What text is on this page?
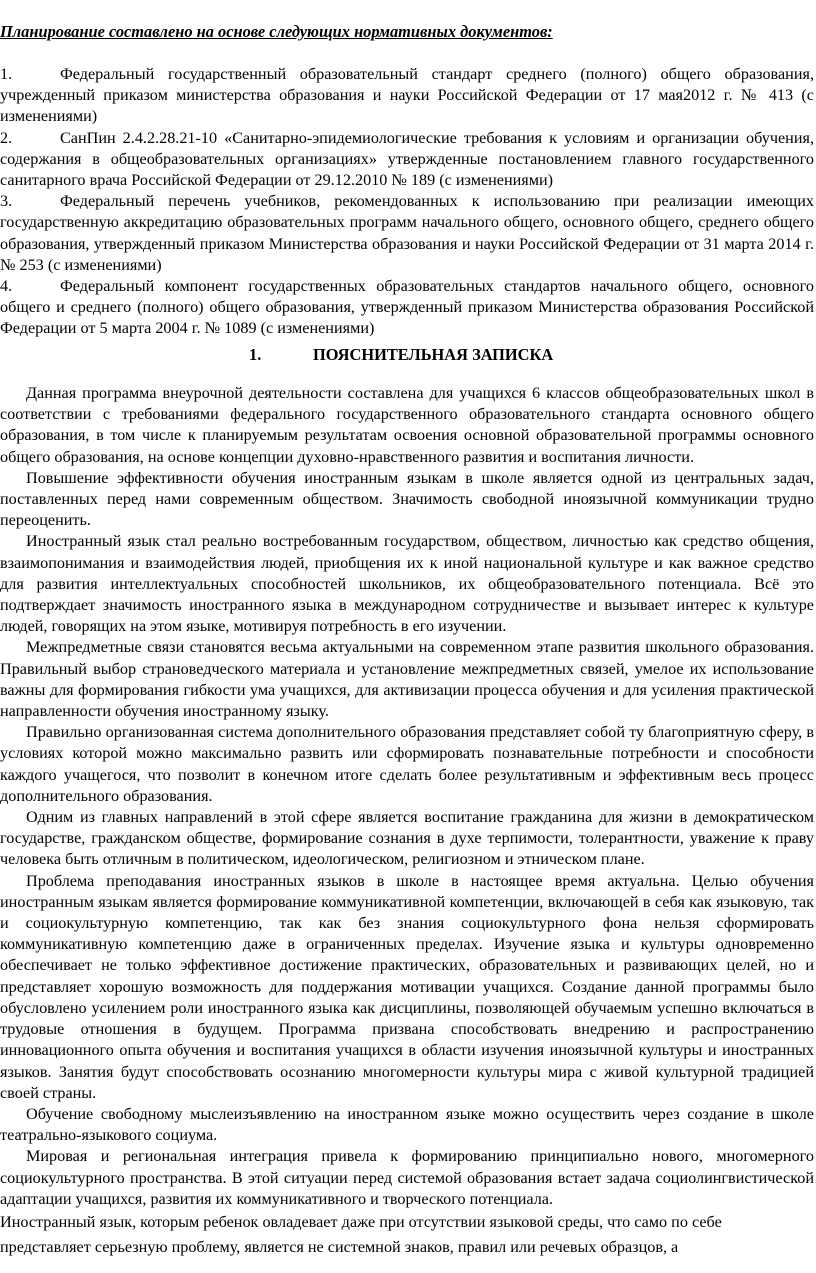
Планирование составлено на основе следующих нормативных документов:

1.	Федеральный государственный образовательный стандарт среднего (полного) общего образования, учрежденный приказом министерства образования и науки Российской Федерации от 17 мая2012 г. № 413 (с изменениями)
2.	СанПин 2.4.2.28.21-10 «Санитарно-эпидемиологические требования к условиям и организации обучения, содержания в общеобразовательных организациях» утвержденные постановлением главного государственного санитарного врача Российской Федерации от 29.12.2010 № 189 (с изменениями)
3.	Федеральный перечень учебников, рекомендованных к использованию при реализации имеющих государственную аккредитацию образовательных программ начального общего, основного общего, среднего общего образования, утвержденный приказом Министерства образования и науки Российской Федерации от 31 марта 2014 г. № 253 (с изменениями)
4.	Федеральный компонент государственных образовательных стандартов начального общего, основного общего и среднего (полного) общего образования, утвержденный приказом Министерства образования Российской Федерации от 5 марта 2004 г. № 1089 (с изменениями)
1.	ПОЯСНИТЕЛЬНАЯ ЗАПИСКА

Данная программа внеурочной деятельности составлена для учащихся 6 классов общеобразовательных школ в соответствии с требованиями федерального государственного образовательного стандарта основного общего образования, в том числе к планируемым результатам освоения основной образовательной программы основного общего образования, на основе концепции духовно-нравственного развития и воспитания личности.

Повышение эффективности обучения иностранным языкам в школе является одной из центральных задач, поставленных перед нами современным обществом. Значимость свободной иноязычной коммуникации трудно переоценить.

Иностранный язык стал реально востребованным государством, обществом, личностью как средство общения, взаимопонимания и взаимодействия людей, приобщения их к иной национальной культуре и как важное средство для развития интеллектуальных способностей школьников, их общеобразовательного потенциала. Всё это подтверждает значимость иностранного языка в международном сотрудничестве и вызывает интерес к культуре людей, говорящих на этом языке, мотивируя потребность в его изучении.

Межпредметные связи становятся весьма актуальными на современном этапе развития школьного образования. Правильный выбор страноведческого материала и установление межпредметных связей, умелое их использование важны для формирования гибкости ума учащихся, для активизации процесса обучения и для усиления практической направленности обучения иностранному языку.

Правильно организованная система дополнительного образования представляет собой ту благоприятную сферу, в условиях которой можно максимально развить или сформировать познавательные потребности и способности каждого учащегося, что позволит в конечном итоге сделать более результативным и эффективным весь процесс дополнительного образования.

Одним из главных направлений в этой сфере является воспитание гражданина для жизни в демократическом государстве, гражданском обществе, формирование сознания в духе терпимости, толерантности, уважение к праву человека быть отличным в политическом, идеологическом, религиозном и этническом плане.

Проблема преподавания иностранных языков в школе в настоящее время актуальна. Целью обучения иностранным языкам является формирование коммуникативной компетенции, включающей в себя как языковую, так и социокультурную компетенцию, так как без знания социокультурного фона нельзя сформировать коммуникативную компетенцию даже в ограниченных пределах. Изучение языка и культуры одновременно обеспечивает не только эффективное достижение практических, образовательных и развивающих целей, но и представляет хорошую возможность для поддержания мотивации учащихся. Создание данной программы было обусловлено усилением роли иностранного языка как дисциплины, позволяющей обучаемым успешно включаться в трудовые отношения в будущем. Программа призвана способствовать внедрению и распространению инновационного опыта обучения и воспитания учащихся в области изучения иноязычной культуры и иностранных языков. Занятия будут способствовать осознанию многомерности культуры мира с живой культурной традицией своей страны.

Обучение свободному мыслеизъявлению на иностранном языке можно осуществить через создание в школе театрально-языкового социума.

Мировая и региональная интеграция привела к формированию принципиально нового, многомерного социокультурного пространства. В этой ситуации перед системой образования встает задача социолингвистической адаптации учащихся, развития их коммуникативного и творческого потенциала.

Иностранный язык, которым ребенок овладевает даже при отсутствии языковой среды, что само по себе представляет серьезную проблему, является не системной знаков, правил или речевых образцов, а
